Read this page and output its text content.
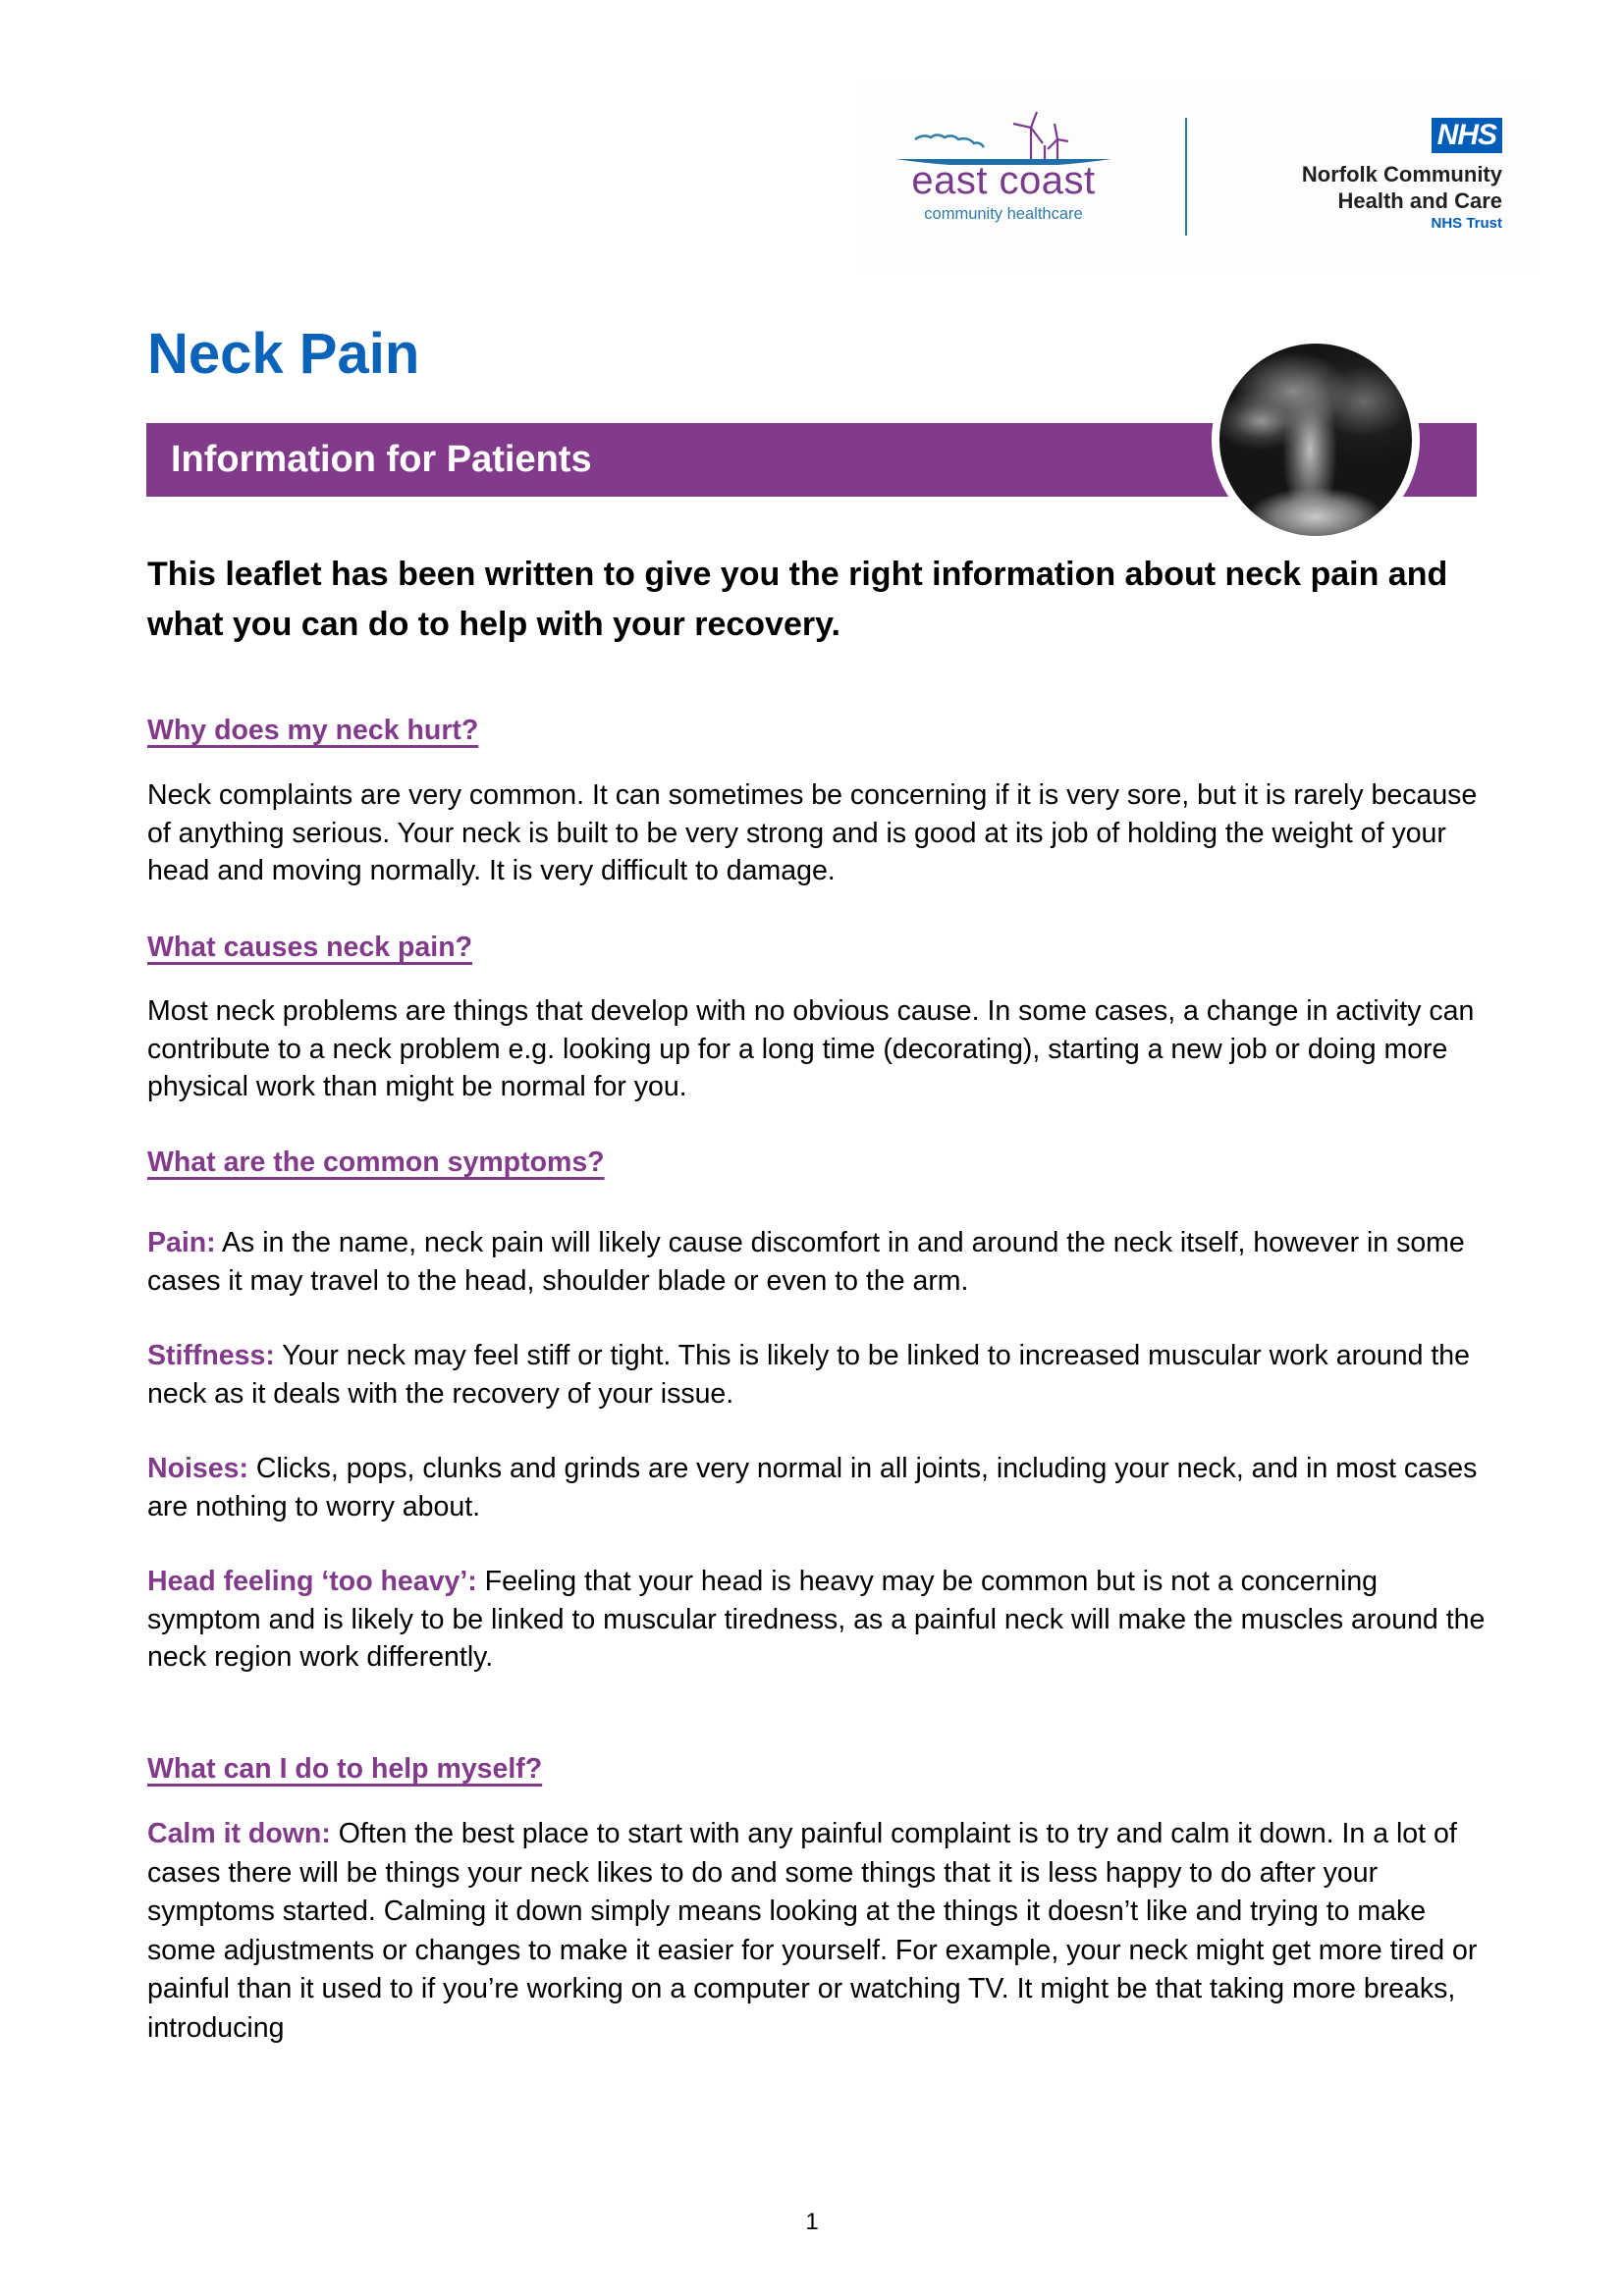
east coast
community healthcare
NHS
Norfolk Community
Health and Care
NHS Trust
Neck Pain
Information for Patients

This leaflet has been written to give you the right information about neck pain and what you can do to help with your recovery.

Why does my neck hurt?

Neck complaints are very common. It can sometimes be concerning if it is very sore, but it is rarely because of anything serious. Your neck is built to be very strong and is good at its job of holding the weight of your head and moving normally. It is very difficult to damage.

What causes neck pain?

Most neck problems are things that develop with no obvious cause. In some cases, a change in activity can contribute to a neck problem e.g. looking up for a long time (decorating), starting a new job or doing more physical work than might be normal for you.

What are the common symptoms?

Pain: As in the name, neck pain will likely cause discomfort in and around the neck itself, however in some cases it may travel to the head, shoulder blade or even to the arm.

Stiffness: Your neck may feel stiff or tight. This is likely to be linked to increased muscular work around the neck as it deals with the recovery of your issue.

Noises: Clicks, pops, clunks and grinds are very normal in all joints, including your neck, and in most cases are nothing to worry about.

Head feeling ‘too heavy’: Feeling that your head is heavy may be common but is not a concerning symptom and is likely to be linked to muscular tiredness, as a painful neck will make the muscles around the neck region work differently.

What can I do to help myself?

Calm it down: Often the best place to start with any painful complaint is to try and calm it down. In a lot of cases there will be things your neck likes to do and some things that it is less happy to do after your symptoms started. Calming it down simply means looking at the things it doesn’t like and trying to make some adjustments or changes to make it easier for yourself. For example, your neck might get more tired or painful than it used to if you’re working on a computer or watching TV. It might be that taking more breaks, introducing

1
